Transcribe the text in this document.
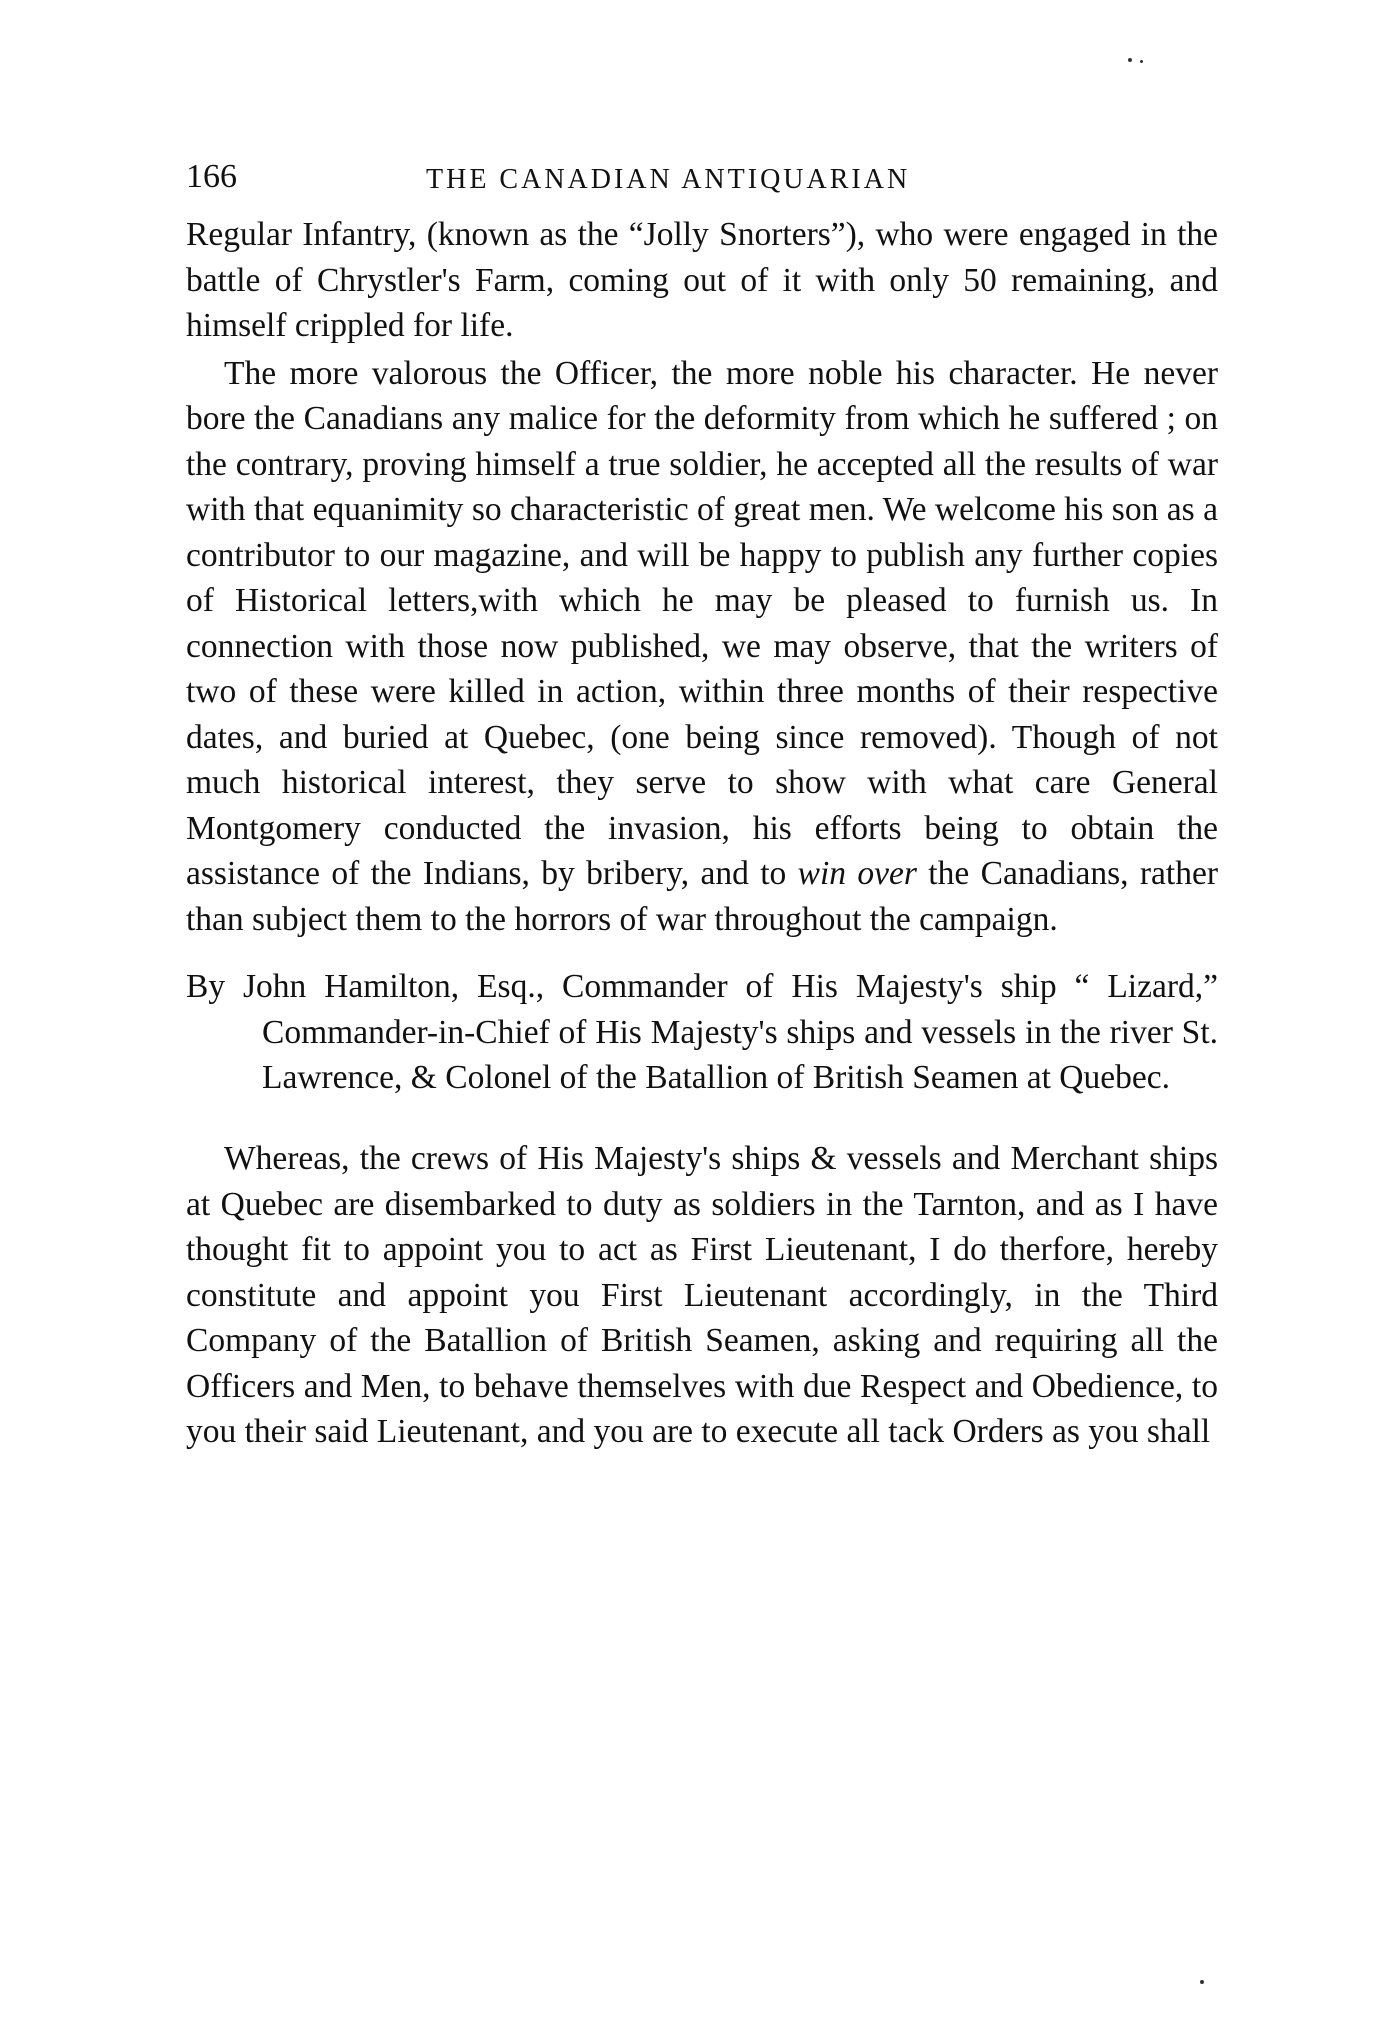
166	THE CANADIAN ANTIQUARIAN

Regular Infantry, (known as the “Jolly Snorters”), who were engaged in the battle of Chrystler's Farm, coming out of it with only 50 remaining, and himself crippled for life.

The more valorous the Officer, the more noble his character. He never bore the Canadians any malice for the deformity from which he suffered ; on the contrary, proving himself a true soldier, he accepted all the results of war with that equanimity so characteristic of great men. We welcome his son as a contributor to our magazine, and will be happy to publish any further copies of Historical letters,with which he may be pleased to furnish us. In connection with those now published, we may observe, that the writers of two of these were killed in action, within three months of their respective dates, and buried at Quebec, (one being since removed). Though of not much historical interest, they serve to show with what care General Montgomery conducted the invasion, his efforts being to obtain the assistance of the Indians, by bribery, and to win over the Canadians, rather than subject them to the horrors of war throughout the campaign.

By John Hamilton, Esq., Commander of His Majesty's ship “ Lizard,” Commander-in-Chief of His Majesty's ships and vessels in the river St. Lawrence, & Colonel of the Batallion of British Seamen at Quebec.

Whereas, the crews of His Majesty's ships & vessels and Merchant ships at Quebec are disembarked to duty as soldiers in the Tarnton, and as I have thought fit to appoint you to act as First Lieutenant, I do therfore, hereby constitute and appoint you First Lieutenant accordingly, in the Third Company of the Batallion of British Seamen, asking and requiring all the Officers and Men, to behave themselves with due Respect and Obedience, to you their said Lieutenant, and you are to execute all tack Orders as you shall
